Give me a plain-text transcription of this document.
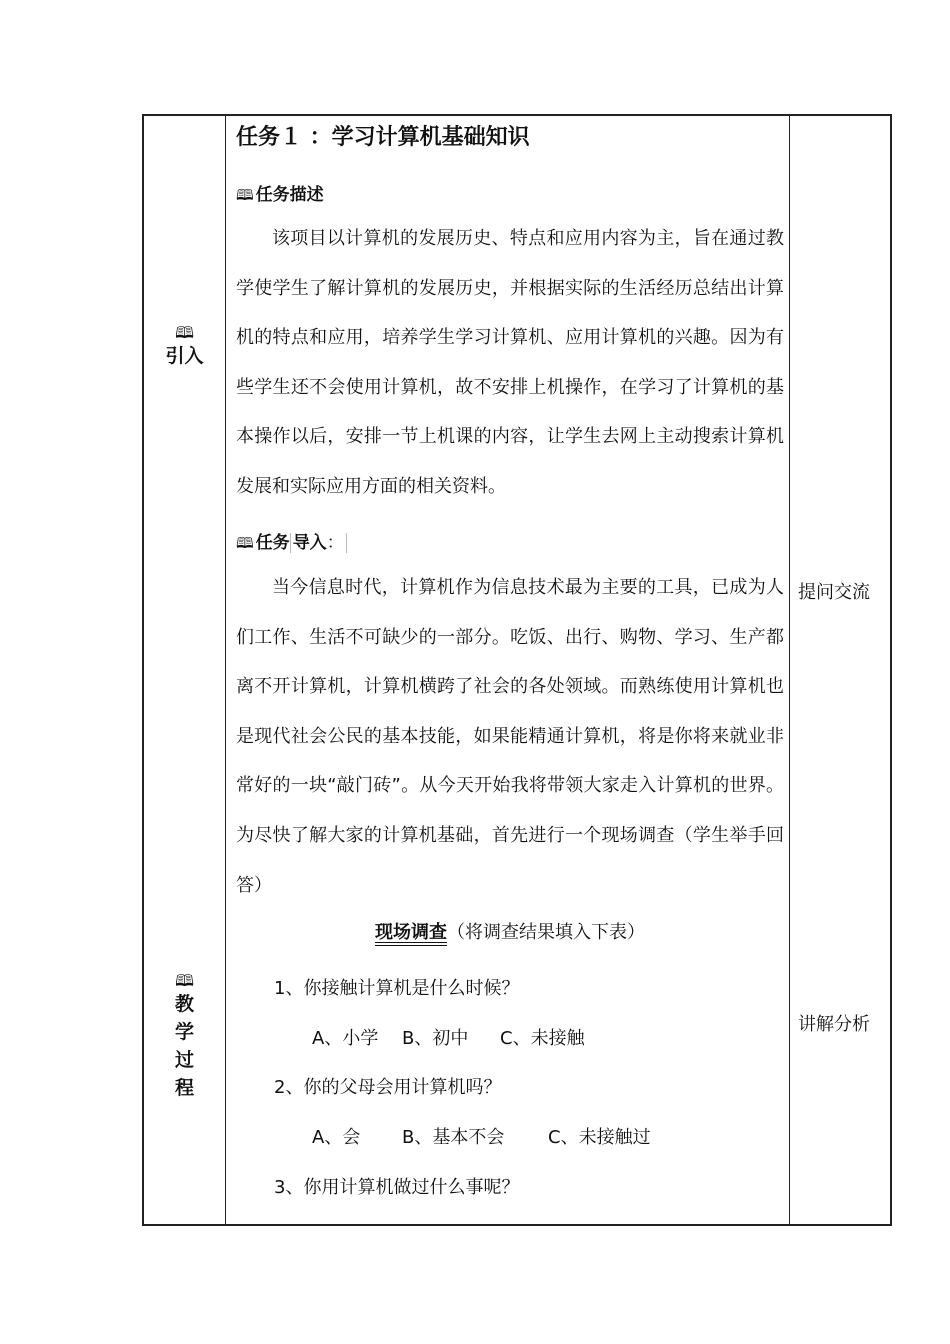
🕮
引入
🕮
教
学
过
程
任务１ ：学习计算机基础知识
🕮 任务描述
该项目以计算机的发展历史、特点和应用内容为主，旨在通过教学使学生了解计算机的发展历史，并根据实际的生活经历总结出计算机的特点和应用，培养学生学习计算机、应用计算机的兴趣。因为有些学生还不会使用计算机，故不安排上机操作，在学习了计算机的基本操作以后，安排一节上机课的内容，让学生去网上主动搜索计算机发展和实际应用方面的相关资料。
🕮 任务 导入：
当今信息时代，计算机作为信息技术最为主要的工具，已成为人们工作、生活不可缺少的一部分。吃饭、出行、购物、学习、生产都离不开计算机，计算机横跨了社会的各处领域。而熟练使用计算机也是现代社会公民的基本技能，如果能精通计算机，将是你将来就业非常好的一块“敲门砖”。从今天开始我将带领大家走入计算机的世界。为尽快了解大家的计算机基础，首先进行一个现场调查（学生举手回答）
现场调查（将调查结果填入下表）
1、你接触计算机是什么时候？
A、小学 B、初中 C、未接触
2、你的父母会用计算机吗？
A、会 B、基本不会 C、未接触过
3、你用计算机做过什么事呢？
提问交流
讲解分析
